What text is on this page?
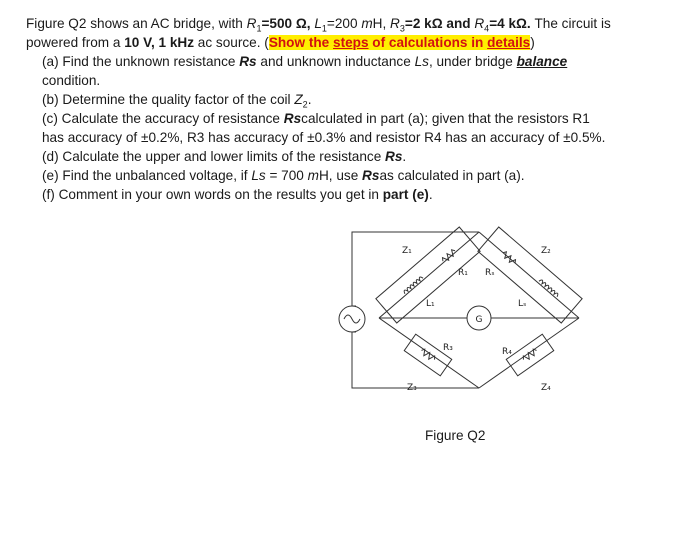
Figure Q2 shows an AC bridge, with $R_1=500$ Ω, $L_1=200$ mH, $R_3=2$ kΩ and $R_4=4$ kΩ. The circuit is

powered from a 10 V, 1 kHz ac source. (Show the steps of calculations in details)

(a) Find the unknown resistance Rs and unknown inductance Ls, under bridge balance

condition.

(b) Determine the quality factor of the coil $Z_2$.

(c) Calculate the accuracy of resistance Rscalculated in part (a); given that the resistors R1

has accuracy of ±0.2%, R3 has accuracy of ±0.3% and resistor R4 has an accuracy of ±0.5%.

(d) Calculate the upper and lower limits of the resistance Rs.

(e) Find the unbalanced voltage, if Ls = 700 mH, use Rsas calculated in part (a).

(f) Comment in your own words on the results you get in part (e).

G
Z₁	Z₂
Z₃	Z₄
R₁ Rₛ
L₁	Lₛ
R₃	R₄
Figure Q2
